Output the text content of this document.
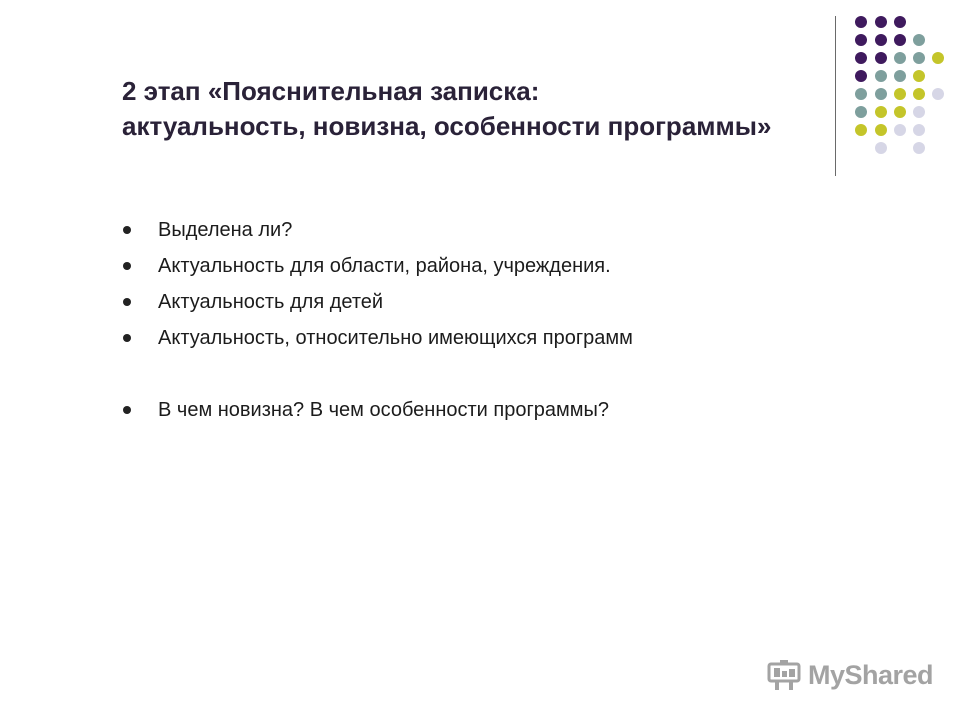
2 этап «Пояснительная записка:
актуальность, новизна, особенности программы»
Выделена ли?
Актуальность для области, района, учреждения.
Актуальность для детей
Актуальность, относительно имеющихся программ
В чем новизна? В чем особенности программы?
MyShared
